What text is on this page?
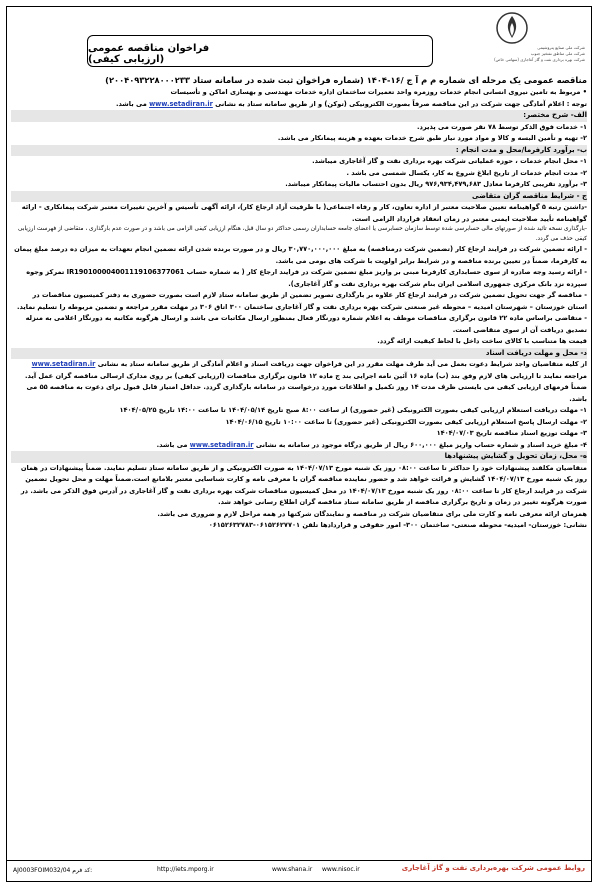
فراخوان مناقصه عمومی (ارزیابی کیفی)
شرکت ملی صنایع پتروشیمی
شرکت ملی مناطق نفتخیز جنوب
شرکت بهره برداری نفت و گاز آغاجاری (سهامی خاص)

مناقصه عمومی یک مرحله ای شماره م م آ ج /۱۶-۱۴۰۴ (شماره فراخوان ثبت شده در سامانه ستاد ۲۰۰۴۰۹۳۲۲۸۰۰۰۲۳۳)

• مربوط به تامین نیروی انسانی انجام خدمات روزمره واحد تعمیرات ساختمان اداره خدمات مهندسی و بهسازی اماکن و تأسیسات

توجه : اعلام آمادگی جهت شرکت در این مناقصه صرفاً بصورت الکترونیکی (توکن) و از طریق سامانه ستاد به نشانی www.setadiran.ir می باشد.

الف- شرح مختصر:

۱- خدمات فوق الذکر توسط ۷۸ نفر صورت می پذیرد.

۲- تهیه و تأمین البسه و کالا و مواد مورد نیاز طبق شرح خدمات بعهده و هزینه پیمانکار می باشد.

ب- برآورد کارفرما/محل و مدت انجام :

۱- محل انجام خدمات ، حوزه عملیاتی شرکت بهره برداری نفت و گاز آغاجاری میباشد.

۲- مدت انجام خدمات از تاریخ ابلاغ شروع به کار، یکسال شمسی می باشد .

۳- برآورد تقریبی کارفرما معادل ۹۷۶,۹۳۴,۴۷۹,۶۸۳ ریال بدون احتساب مالیات پیمانکار میباشد.

ج - شرایط مناقصه گران متقاضی

-داشتن رتبه ۵ گواهینامه تعیین صلاحیت معتبر از اداره تعاون، کار و رفاه اجتماعی( با ظرفیت آزاد ارجاع کار)، ارائه آگهی تأسیس و آخرین تغییرات معتبر شرکت پیمانکاری - ارائه گواهینامه تأیید صلاحیت ایمنی معتبر در زمان انعقاد قرارداد الزامی است.

-بارگذاری نسخه تائید شده از صورتهای مالی حسابرسی شده توسط سازمان حسابرسی یا اعضای جامعه حسابداران رسمی حداکثر دو سال قبل، هنگام ارزیابی کیفی الزامی می باشد و در صورت عدم بارگذاری ، متقاضی از فهرست ارزیابی کیفی حذف می گردد.

- ارائه تضمین شرکت در فرایند ارجاع کار (تضمین شرکت درمناقصه) به مبلغ ۳۰,۷۷۰,۰۰۰,۰۰۰ ریال و در صورت برنده شدن ارائه تضمین انجام تعهدات به میزان ده درصد مبلغ پیمان به کارفرما، ضمناً در تعیین برنده مناقصه و در شرایط برابر اولویت با شرکت های بومی می باشد.

- ارائه رسید وجه صادره از سوی حسابداری کارفرما مبنی بر واریز مبلغ تضمین شرکت در فرایند ارجاع کار ( به شماره حساب IR190100004001119106377061 تمرکز وجوه سپرده نزد بانک مرکزی جمهوری اسلامی ایران بنام شرکت بهره برداری نفت و گاز آغاجاری).

- مناقصه گر جهت تحویل تضمین شرکت در فرایند ارجاع کار علاوه بر بارگذاری تصویر تضمین از طریق سامانه ستاد لازم است بصورت حضوری به دفتر کمیسیون مناقصات در استان خوزستان – شهرستان امیدیه – محوطه غیر صنعتی شرکت بهره برداری نفت و گاز آغاجاری ساختمان ۳۰۰ اتاق ۳۰۶ در مهلت مقرر مراجعه و تضمین مربوطه را تسلیم نماید.

- متقاضی براساس ماده ۲۲ قانون برگزاری مناقصات موظف به اعلام شماره دورنگار فعال بمنظور ارسال مکاتبات می باشد و ارسال هرگونه مکاتبه به دورنگار اعلامی به منزله تصدیق دریافت آن از سوی متقاضی است.

قیمت ها متناسب با کالای ساخت داخل با لحاظ کیفیت ارائه گردد.

د- محل و مهلت دریافت اسناد

از کلیه متقاضیان واجد شرایط دعوت بعمل می آید ظرف مهلت مقرر در این فراخوان جهت دریافت اسناد و اعلام آمادگی از طریق سامانه ستاد به نشانی www.setadiran.ir مراجعه نمایند تا ارزیابی های لازم وفق بند (ب) ماده ۱۶ آئین نامه اجرایی بند ج ماده ۱۲ قانون برگزاری مناقصات (ارزیابی کیفی) بر روی مدارک ارسالی مناقصه گران عمل آید.

ضمناً فرمهای ارزیابی کیفی می بایستی ظرف مدت ۱۴ روز تکمیل و اطلاعات مورد درخواست در سامانه بارگذاری گردد. حداقل امتیاز قابل قبول برای دعوت به مناقصه ۵۵ می باشد.

۱- مهلت دریافت استعلام ارزیابی کیفی بصورت الکترونیکی (غیر حضوری) از ساعت ۸:۰۰ صبح تاریخ ۱۴۰۴/۰۵/۱۴ تا ساعت ۱۴:۰۰ تاریخ ۱۴۰۴/۰۵/۲۵

۲- مهلت ارسال پاسخ استعلام ارزیابی کیفی بصورت الکترونیکی (غیر حضوری) تا ساعت ۱۰:۰۰ تاریخ ۱۴۰۴/۰۶/۱۵

۳- مهلت توزیع اسناد مناقصه تاریخ ۱۴۰۴/۰۷/۰۳

۴- مبلغ خرید اسناد و شماره حساب واریز مبلغ ۶۰۰,۰۰۰ ریال از طریق درگاه موجود در سامانه به نشانی www.setadiran.ir می باشد.

ه- محل، زمان تحویل و گشایش پیشنهادها

متقاضیان مکلفند پیشنهادات خود را حداکثر تا ساعت ۰۸:۰۰ روز یک شنبه مورخ ۱۴۰۴/۰۷/۱۳ به صورت الکترونیکی و از طریق سامانه ستاد تسلیم نمایند. ضمناً پیشنهادات در همان روز یک شنبه مورخ ۱۴۰۴/۰۷/۱۳ گشایش و قرائت خواهد شد و حضور نماینده مناقصه گران با معرفی نامه و کارت شناسایی معتبر بلامانع است.ضمناً مهلت و محل تحویل تضمین شرکت در فرایند ارجاع کار تا ساعت ۰۸:۰۰ روز یک شنبه مورخ ۱۴۰۴/۰۷/۱۳ در محل کمیسیون مناقصات شرکت بهره برداری نفت و گاز آغاجاری در آدرس فوق الذکر می باشد. در صورت هرگونه تغییر در زمان و تاریخ برگزاری مناقصه از طریق سامانه ستاد مناقصه گران اطلاع رسانی خواهد شد.

همزمان ارائه معرفی نامه و کارت ملی برای متقاضیان شرکت در مناقصه و نمایندگان شرکتها در همه مراحل لازم و ضروری می باشد.

نشانی: خوزستان- امیدیه- محوطه صنعتی- ساختمان ۳۰۰- امور حقوقی و قراردادها تلفن ۰۶۱۵۲۶۲۷۷۰۱-۰۶۱۵۲۶۳۲۷۸۳

AJ0003FOIM032/04 کد فرم:	http://iets.mporg.ir	www.shana.ir www.nisoc.ir	روابط عمومی شرکت بهره‌برداری نفت و گاز آغاجاری
